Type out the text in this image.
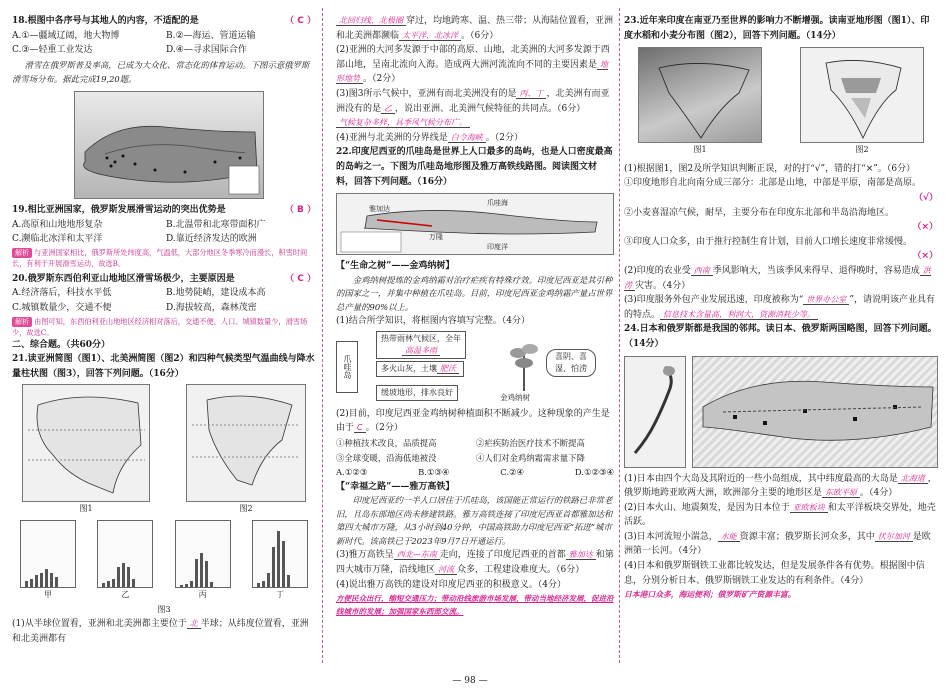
18.根图中各序号与其地人的内容，不适配的是	（ C ）

A.①—疆域辽阔，地大物博	B.②—海运、管道运输
C.③—轻重工业发达	D.④—寻求国际合作

滑雪在俄罗斯普及率高，已成为大众化、常态化的体育运动。下图示意俄罗斯滑雪场分布。据此完成19,20题。

19.相比亚洲国家，俄罗斯发展滑雪运动的突出优势是	（ B ）

A.高原和山地地形复杂	B.北温带和北寒带面积广
C.濒临北冰洋和太平洋	D.靠近经济发达的欧洲

解析 与亚洲国家相比，俄罗斯所处纬度高，气温低，大部分地区冬季寒冷而漫长，积雪时间长，有利于开展滑雪运动，故选B。

20.俄罗斯东西伯利亚山地地区滑雪场极少，主要原因是	（ C ）

A.经济落后，科技水平低	B.地势陡峭，建设成本高
C.城镇数量少，交通不便	D.海拔较高，森林茂密

解析 由图可知，东西伯利亚山地地区经济相对落后，交通不便，人口、城镇数量少，滑雪场少，故选C。

二、综合题。（共60分）

21.读亚洲简图（图1）、北美洲简图（图2）和四种气候类型气温曲线与降水量柱状图（图3），回答下列问题。（16分）

图1	图2

甲	乙	丙	丁

图3

(1)从半球位置看，亚洲和北美洲都主要位于 北 半球；从纬度位置看，亚洲和北美洲都有

北回归线、北极圈 穿过，均地跨寒、温、热三带；从海陆位置看，亚洲和北美洲都濒临 太平洋、北冰洋 。（6分）

(2)亚洲的大河多发源于中部的高原、山地，北美洲的大河多发源于西部山地，呈南北流向入海。造成两大洲河流流向不同的主要因素是 地形地势 。（2分）

(3)图3所示气候中，亚洲有而北美洲没有的是 丙、丁 ，北美洲有而亚洲没有的是 乙 ，说出亚洲、北美洲气候特征的共同点。（6分）

气候复杂多样，具季风气候分布广。

(4)亚洲与北美洲的分界线是 白令海峡 。（2分）

22.印度尼西亚的爪哇岛是世界上人口最多的岛屿，也是人口密度最高的岛屿之一。下图为爪哇岛地形图及雅万高铁线路图。阅读图文材料，回答下列问题。（16分）

雅加达
万隆
印度洋
爪哇海

【“生命之树”——金鸡纳树】

金鸡纳树提炼的金鸡纳霜对治疗疟疾有特殊疗效。印度尼西亚是其引种的国家之一，并集中种植在爪哇岛。目前，印度尼西亚金鸡纳霜产量占世界总产量的90%以上。

(1)结合所学知识，将框图内容填写完整。（4分）

爪哇岛
热带雨林气候区，全年
高温多雨
多火山灰，土壤 肥沃
缓坡地形，排水良好

金鸡纳树

喜阴、喜湿、怕涝

(2)目前，印度尼西亚金鸡纳树种植面积不断减少。这种现象的产生是由于 C 。（2分）

①种植技术改良，品质提高	②疟疾防治医疗技术不断提高
③全球变暖，沿海低地被没	④人们对金鸡纳霜需求量下降
A.①②③	B.①③④	C.②④	D.①②③④

【“幸福之路”——雅万高铁】

印度尼西亚约一半人口居住于爪哇岛，该国能正常运行的铁路已非常老旧，且岛东部地区尚未修建铁路。雅万高铁连接了印度尼西亚首都雅加达和第四大城市万隆，从3小时到40分钟，中国高铁助力印度尼西亚“拓进”城市新时代。该高铁已于2023年9月7日开通运行。

(3)雅万高铁呈 西北—东南 走向，连接了印度尼西亚的首都 雅加达 和第四大城市万隆，沿线地区 河流 众多，工程建设难度大。（6分）

(4)说出雅万高铁的建设对印度尼西亚的积极意义。（4分）

方便民众出行，缩短交通压力；带动沿线旅游市场发展，带动当地经济发展，促进沿线城市的发展；加强国家东西部交流。

23.近年来印度在南亚乃至世界的影响力不断增强。读南亚地形图（图1）、印度水稻和小麦分布图（图2），回答下列问题。（14分）

图1	图2

(1)根据图1，图2及所学知识判断正误，对的打“√”，错的打“×”。（6分）

①印度地形自北向南分成三部分：北部是山地，中部是平原，南部是高原。

（√）

②小麦喜湿凉气候，耐旱，主要分布在印度东北部和半岛沿海地区。

（×）

③印度人口众多，由于推行控制生育计划，目前人口增长速度非常缓慢。

（×）

(2)印度的农业受 西南 季风影响大，当该季风来得早、退得晚时，容易造成 洪涝 灾害。（4分）

(3)印度服务外包产业发展迅速，印度被称为“ 世界办公室 ”，请说明该产业具有的特点。 信息技术含量高，利润大，资源消耗少等。

24.日本和俄罗斯都是我国的邻邦。读日本、俄罗斯两国略图，回答下列问题。（14分）

(1)日本由四个大岛及其附近的一些小岛组成，其中纬度最高的大岛是 北海道 ，俄罗斯地跨亚欧两大洲，欧洲部分主要的地形区是 东欧平原 。（4分）

(2)日本火山、地震频发，是因为日本位于 亚欧板块 和太平洋板块交界处，地壳活跃。

(3)日本河流短小湍急， 水能 资源丰富；俄罗斯长河众多，其中 伏尔加河 是欧洲第一长河。（4分）

(4)日本和俄罗斯钢铁工业都比较发达，但是发展条件各有优势。根据图中信息，分别分析日本、俄罗斯钢铁工业发达的有利条件。（4分）

日本港口众多，海运便利；俄罗斯矿产资源丰富。

— 98 —
